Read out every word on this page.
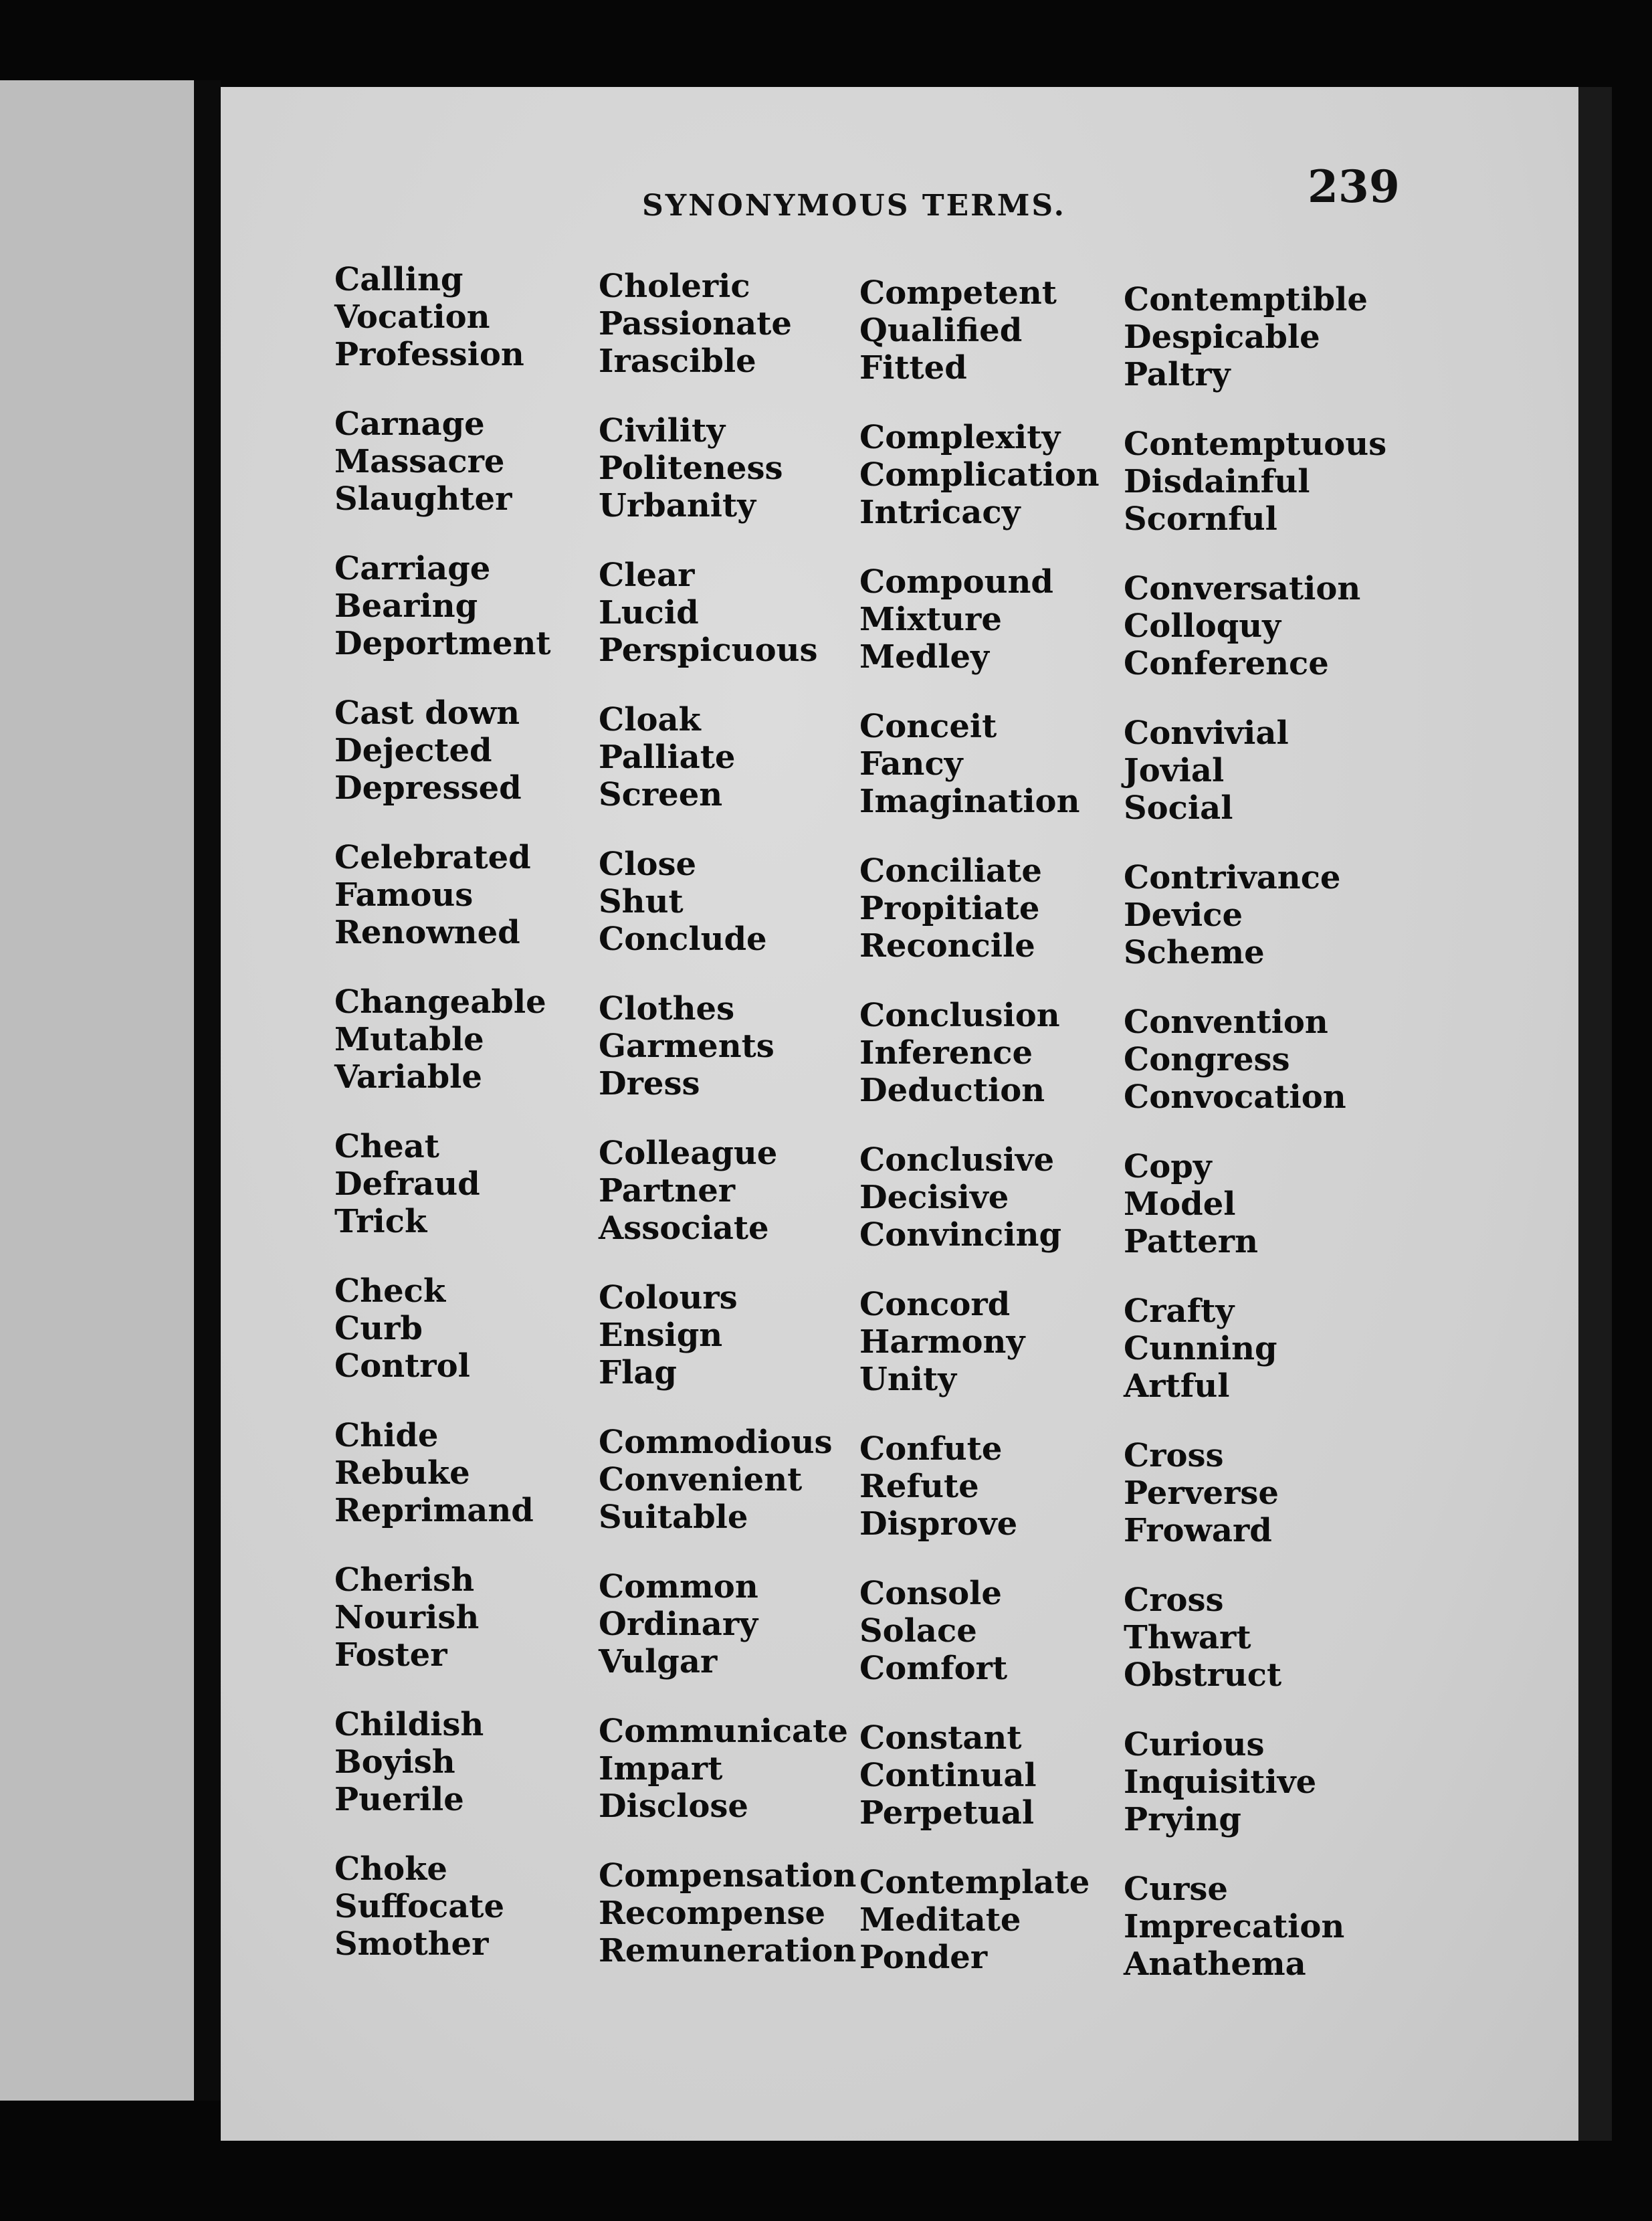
SYNONYMOUS TERMS.	239
Calling
Vocation
Profession
Carnage
Massacre
Slaughter
Carriage
Bearing
Deportment
Cast down
Dejected
Depressed
Celebrated
Famous
Renowned
Changeable
Mutable
Variable
Cheat
Defraud
Trick
Check
Curb
Control
Chide
Rebuke
Reprimand
Cherish
Nourish
Foster
Childish
Boyish
Puerile
Choke
Suffocate
Smother
Choleric
Passionate
Irascible
Civility
Politeness
Urbanity
Clear
Lucid
Perspicuous
Cloak
Palliate
Screen
Close
Shut
Conclude
Clothes
Garments
Dress
Colleague
Partner
Associate
Colours
Ensign
Flag
Commodious
Convenient
Suitable
Common
Ordinary
Vulgar
Communicate
Impart
Disclose
Compensation
Recompense
Remuneration
Competent
Qualified
Fitted
Complexity
Complication
Intricacy
Compound
Mixture
Medley
Conceit
Fancy
Imagination
Conciliate
Propitiate
Reconcile
Conclusion
Inference
Deduction
Conclusive
Decisive
Convincing
Concord
Harmony
Unity
Confute
Refute
Disprove
Console
Solace
Comfort
Constant
Continual
Perpetual
Contemplate
Meditate
Ponder
Contemptible
Despicable
Paltry
Contemptuous
Disdainful
Scornful
Conversation
Colloquy
Conference
Convivial
Jovial
Social
Contrivance
Device
Scheme
Convention
Congress
Convocation
Copy
Model
Pattern
Crafty
Cunning
Artful
Cross
Perverse
Froward
Cross
Thwart
Obstruct
Curious
Inquisitive
Prying
Curse
Imprecation
Anathema
